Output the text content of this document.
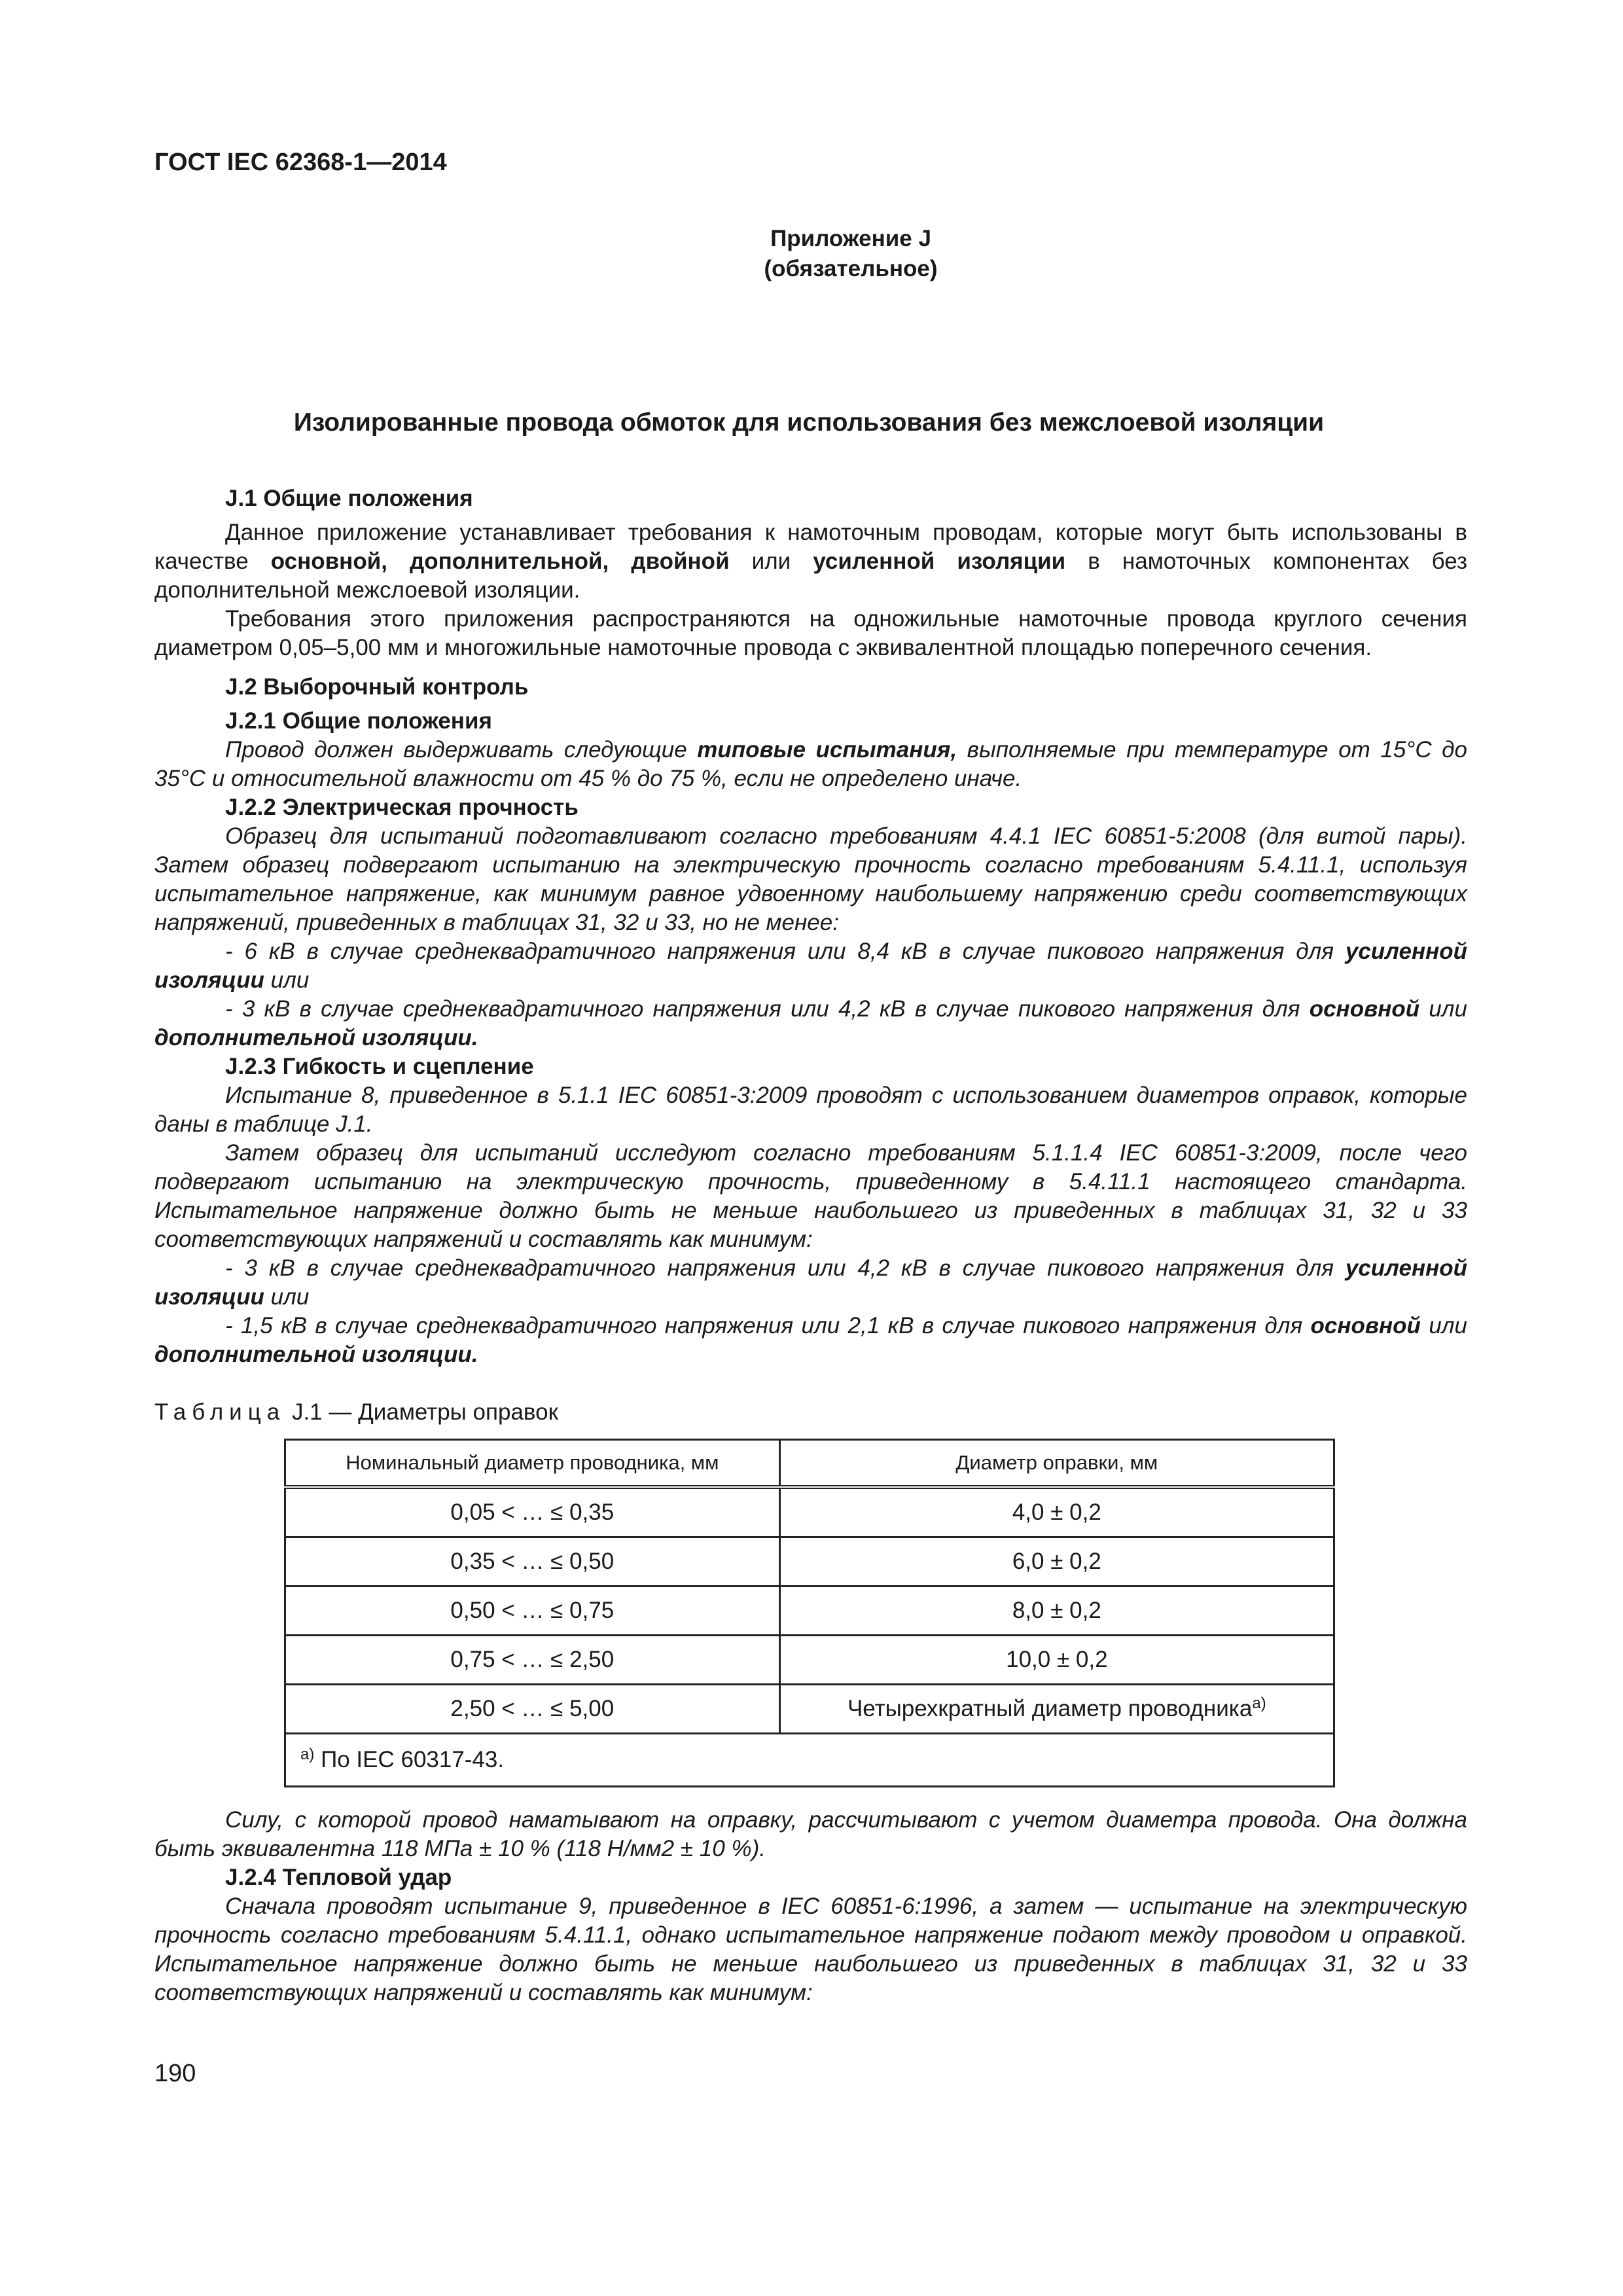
ГОСТ IEC 62368-1—2014
Приложение J
(обязательное)
Изолированные провода обмоток для использования без межслоевой изоляции

J.1 Общие положения

Данное приложение устанавливает требования к намоточным проводам, которые могут быть использованы в качестве основной, дополнительной, двойной или усиленной изоляции в намоточных компонентах без дополнительной межслоевой изоляции.

Требования этого приложения распространяются на одножильные намоточные провода круглого сечения диаметром 0,05–5,00 мм и многожильные намоточные провода с эквивалентной площадью поперечного сечения.

J.2 Выборочный контроль

J.2.1 Общие положения

Провод должен выдерживать следующие типовые испытания, выполняемые при температуре от 15°С до 35°С и относительной влажности от 45 % до 75 %, если не определено иначе.

J.2.2 Электрическая прочность

Образец для испытаний подготавливают согласно требованиям 4.4.1 IEC 60851-5:2008 (для витой пары). Затем образец подвергают испытанию на электрическую прочность согласно требованиям 5.4.11.1, используя испытательное напряжение, как минимум равное удвоенному наибольшему напряжению среди соответствующих напряжений, приведенных в таблицах 31, 32 и 33, но не менее:

- 6 кВ в случае среднеквадратичного напряжения или 8,4 кВ в случае пикового напряжения для усиленной изоляции или

- 3 кВ в случае среднеквадратичного напряжения или 4,2 кВ в случае пикового напряжения для основной или дополнительной изоляции.

J.2.3 Гибкость и сцепление

Испытание 8, приведенное в 5.1.1 IEC 60851-3:2009 проводят с использованием диаметров оправок, которые даны в таблице J.1.

Затем образец для испытаний исследуют согласно требованиям 5.1.1.4 IEC 60851-3:2009, после чего подвергают испытанию на электрическую прочность, приведенному в 5.4.11.1 настоящего стандарта. Испытательное напряжение должно быть не меньше наибольшего из приведенных в таблицах 31, 32 и 33 соответствующих напряжений и составлять как минимум:

- 3 кВ в случае среднеквадратичного напряжения или 4,2 кВ в случае пикового напряжения для усиленной изоляции или

- 1,5 кВ в случае среднеквадратичного напряжения или 2,1 кВ в случае пикового напряжения для основной или дополнительной изоляции.

Таблица J.1 — Диаметры оправок

Номинальный диаметр проводника, мм	Диаметр оправки, мм
0,05 < … ≤ 0,35	4,0 ± 0,2
0,35 < … ≤ 0,50	6,0 ± 0,2
0,50 < … ≤ 0,75	8,0 ± 0,2
0,75 < … ≤ 2,50	10,0 ± 0,2
2,50 < … ≤ 5,00	Четырехкратный диаметр проводника$^{a)}$
$^{a)}$ По IEC 60317-43.	

Силу, с которой провод наматывают на оправку, рассчитывают с учетом диаметра провода. Она должна быть эквивалентна 118 МПа ± 10 % (118 Н/мм2 ± 10 %).

J.2.4 Тепловой удар

Сначала проводят испытание 9, приведенное в IEC 60851-6:1996, а затем — испытание на электрическую прочность согласно требованиям 5.4.11.1, однако испытательное напряжение подают между проводом и оправкой. Испытательное напряжение должно быть не меньше наибольшего из приведенных в таблицах 31, 32 и 33 соответствующих напряжений и составлять как минимум:

190
